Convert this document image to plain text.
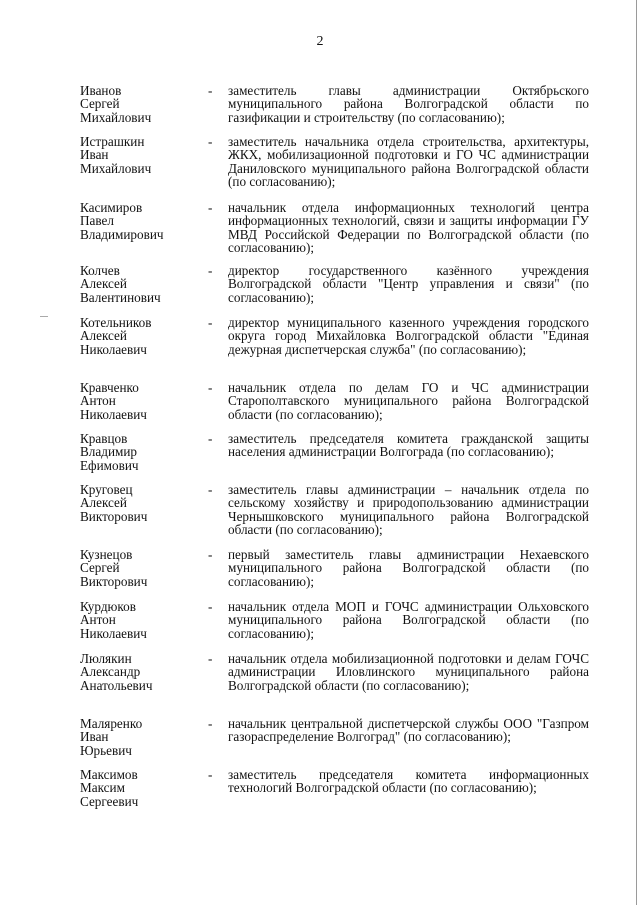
2
Иванов
Сергей
Михайлович
- заместитель главы администрации Октябрьского муниципального района Волгоградской области по газификации и строительству (по согласованию);
Истрашкин
Иван
Михайлович
- заместитель начальника отдела строительства, архитектуры, ЖКХ, мобилизационной подготовки и ГО ЧС администрации Даниловского муниципального района Волгоградской области (по согласованию);
Касимиров
Павел
Владимирович
- начальник отдела информационных технологий центра информационных технологий, связи и защиты информации ГУ МВД Российской Федерации по Волгоградской области (по согласованию);
Колчев
Алексей
Валентинович
- директор государственного казённого учреждения Волгоградской области "Центр управления и связи" (по согласованию);
Котельников
Алексей
Николаевич
- директор муниципального казенного учреждения городского округа город Михайловка Волгоградской области "Единая дежурная диспетчерская служба" (по согласованию);
Кравченко
Антон
Николаевич
- начальник отдела по делам ГО и ЧС администрации Старополтавского муниципального района Волгоградской области (по согласованию);
Кравцов
Владимир
Ефимович
- заместитель председателя комитета гражданской защиты населения администрации Волгограда (по согласованию);
Круговец
Алексей
Викторович
- заместитель главы администрации – начальник отдела по сельскому хозяйству и природопользованию администрации Чернышковского муниципального района Волгоградской области (по согласованию);
Кузнецов
Сергей
Викторович
- первый заместитель главы администрации Нехаевского муниципального района Волгоградской области (по согласованию);
Курдюков
Антон
Николаевич
- начальник отдела МОП и ГОЧС администрации Ольховского муниципального района Волгоградской области (по согласованию);
Люлякин
Александр
Анатольевич
- начальник отдела мобилизационной подготовки и делам ГОЧС администрации Иловлинского муниципального района Волгоградской области (по согласованию);
Маляренко
Иван
Юрьевич
- начальник центральной диспетчерской службы ООО "Газпром газораспределение Волгоград" (по согласованию);
Максимов
Максим
Сергеевич
- заместитель председателя комитета информационных технологий Волгоградской области (по согласованию);
